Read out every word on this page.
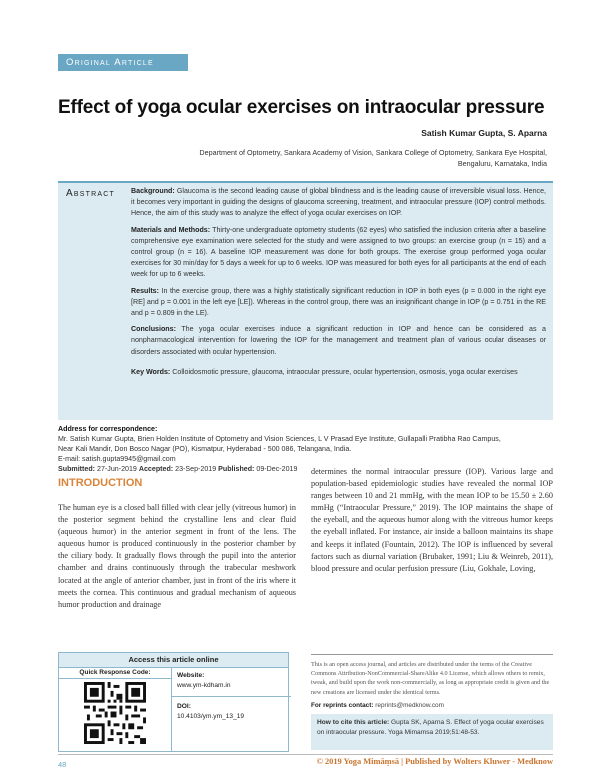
Original Article
Effect of yoga ocular exercises on intraocular pressure
Satish Kumar Gupta, S. Aparna
Department of Optometry, Sankara Academy of Vision, Sankara College of Optometry, Sankara Eye Hospital,
Bengaluru, Karnataka, India
Abstract Background: Glaucoma is the second leading cause of global blindness and is the leading cause of irreversible visual loss. Hence, it becomes very important in guiding the designs of glaucoma screening, treatment, and intraocular pressure (IOP) control methods. Hence, the aim of this study was to analyze the effect of yoga ocular exercises on IOP.

Materials and Methods: Thirty-one undergraduate optometry students (62 eyes) who satisfied the inclusion criteria after a baseline comprehensive eye examination were selected for the study and were assigned to two groups: an exercise group (n = 15) and a control group (n = 16). A baseline IOP measurement was done for both groups. The exercise group performed yoga ocular exercises for 30 min/day for 5 days a week for up to 6 weeks. IOP was measured for both eyes for all participants at the end of each week for up to 6 weeks.

Results: In the exercise group, there was a highly statistically significant reduction in IOP in both eyes (p = 0.000 in the right eye [RE] and p = 0.001 in the left eye [LE]). Whereas in the control group, there was an insignificant change in IOP (p = 0.751 in the RE and p = 0.809 in the LE).

Conclusions: The yoga ocular exercises induce a significant reduction in IOP and hence can be considered as a nonpharmacological intervention for lowering the IOP for the management and treatment plan of various ocular diseases or disorders associated with ocular hypertension.

Key Words: Colloidosmotic pressure, glaucoma, intraocular pressure, ocular hypertension, osmosis, yoga ocular exercises

Address for correspondence:
Mr. Satish Kumar Gupta, Brien Holden Institute of Optometry and Vision Sciences, L V Prasad Eye Institute, Gullapalli Pratibha Rao Campus,
Near Kali Mandir, Don Bosco Nagar (PO), Kismatpur, Hyderabad - 500 086, Telangana, India.
E-mail: satish.gupta9945@gmail.com
Submitted: 27-Jun-2019 Accepted: 23-Sep-2019 Published: 09-Dec-2019
INTRODUCTION
The human eye is a closed ball filled with clear jelly (vitreous humor) in the posterior segment behind the crystalline lens and clear fluid (aqueous humor) in the anterior segment in front of the lens. The aqueous humor is produced continuously in the posterior chamber by the ciliary body. It gradually flows through the pupil into the anterior chamber and drains continuously through the trabecular meshwork located at the angle of anterior chamber, just in front of the iris where it meets the cornea. This continuous and gradual mechanism of aqueous humor production and drainage
determines the normal intraocular pressure (IOP). Various large and population-based epidemiologic studies have revealed the normal IOP ranges between 10 and 21 mmHg, with the mean IOP to be 15.50 ± 2.60 mmHg (“Intraocular Pressure,” 2019). The IOP maintains the shape of the eyeball, and the aqueous humor along with the vitreous humor keeps the eyeball inflated. For instance, air inside a balloon maintains its shape and keeps it inflated (Fountain, 2012). The IOP is influenced by several factors such as diurnal variation (Brubaker, 1991; Liu & Weinreb, 2011), blood pressure and ocular perfusion pressure (Liu, Gokhale, Loving,
Access this article online
Quick Response Code:	Website:
www.ym-kdham.in
DOI:
10.4103/ym.ym_13_19
This is an open access journal, and articles are distributed under the terms of the Creative Commons Attribution-NonCommercial-ShareAlike 4.0 License, which allows others to remix, tweak, and build upon the work non-commercially, as long as appropriate credit is given and the new creations are licensed under the identical terms.
For reprints contact: reprints@medknow.com
How to cite this article: Gupta SK, Aparna S. Effect of yoga ocular exercises on intraocular pressure. Yoga Mimamsa 2019;51:48-53.
48	© 2019 Yoga Mimāṃsā | Published by Wolters Kluwer - Medknow
